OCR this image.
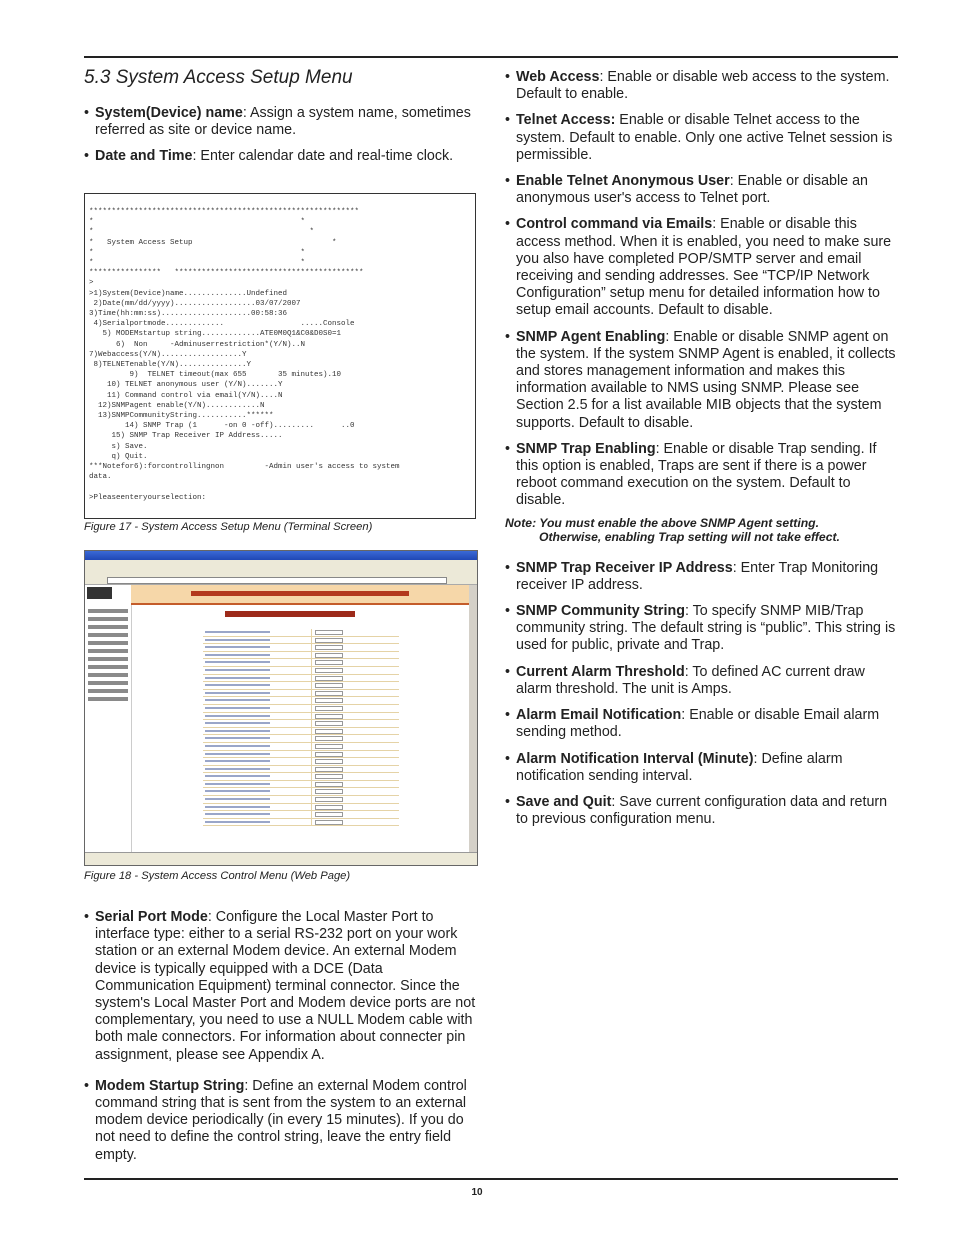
5.3 System Access Setup Menu
• System(Device) name: Assign a system name, sometimes referred as site or device name.
• Date and Time: Enter calendar date and real-time clock.
************************************************************
*                                              *
*                                                *
*   System Access Setup                               *
*                                              *
*                                              *
****************   ******************************************
>
>1)System(Device)name..............Undefined
2)Date(mm/dd/yyyy)..................03/07/2007
3)Time(hh:mm:ss)....................00:58:36
4)Serialportmode.............                 .....Console
5) MODEMstartup string.............ATE0M0Q1&C0&D0S0=1
6)  Non     -Adminuserrestriction*(Y/N)..N
7)Webaccess(Y/N)..................Y
8)TELNETenable(Y/N)...............Y
9)  TELNET timeout(max 655       35 minutes).10
10) TELNET anonymous user (Y/N).......Y
11) Command control via email(Y/N)....N
12)SNMPagent enable(Y/N)............N
13)SNMPCommunityString...........******
14) SNMP Trap (1      -on 0 -off).........      ..0
15) SNMP Trap Receiver IP Address.....
s) Save.
q) Quit.
***Notefor6):forcontrollingnon         -Admin user's access to system
data.

>Pleaseenteryourselection:
Figure 17 - System Access Setup Menu (Terminal Screen)
Figure 18 - System Access Control Menu (Web Page)
• Serial Port Mode: Configure the Local Master Port to interface type: either to a serial RS-232 port on your work station or an external Modem device. An external Modem device is typically equipped with a DCE (Data Communication Equipment) terminal connector. Since the system's Local Master Port and Modem device ports are not complementary, you need to use a NULL Modem cable with both male connectors. For information about connecter pin assignment, please see Appendix A.
• Modem Startup String: Define an external Modem control command string that is sent from the system to an external modem device periodically (in every 15 minutes). If you do not need to define the control string, leave the entry field empty.
• Web Access: Enable or disable web access to the system. Default to enable.
• Telnet Access: Enable or disable Telnet access to the system. Default to enable. Only one active Telnet session is permissible.
• Enable Telnet Anonymous User: Enable or disable an anonymous user's access to Telnet port.
• Control command via Emails: Enable or disable this access method. When it is enabled, you need to make sure you also have completed POP/SMTP server and email receiving and sending addresses. See “TCP/IP Network Configuration” setup menu for detailed information how to setup email accounts. Default to disable.
• SNMP Agent Enabling: Enable or disable SNMP agent on the system. If the system SNMP Agent is enabled, it collects and stores management information and makes this information available to NMS using SNMP. Please see Section 2.5 for a list available MIB objects that the system supports. Default to disable.
• SNMP Trap Enabling: Enable or disable Trap sending. If this option is enabled, Traps are sent if there is a power reboot command execution on the system. Default to disable.
Note: You must enable the above SNMP Agent setting.
Otherwise, enabling Trap setting will not take effect.
• SNMP Trap Receiver IP Address: Enter Trap Monitoring receiver IP address.
• SNMP Community String: To specify SNMP MIB/Trap community string. The default string is “public”. This string is used for public, private and Trap.
• Current Alarm Threshold: To defined AC current draw alarm threshold. The unit is Amps.
• Alarm Email Notification: Enable or disable Email alarm sending method.
• Alarm Notification Interval (Minute): Define alarm notification sending interval.
• Save and Quit: Save current configuration data and return to previous configuration menu.
10
